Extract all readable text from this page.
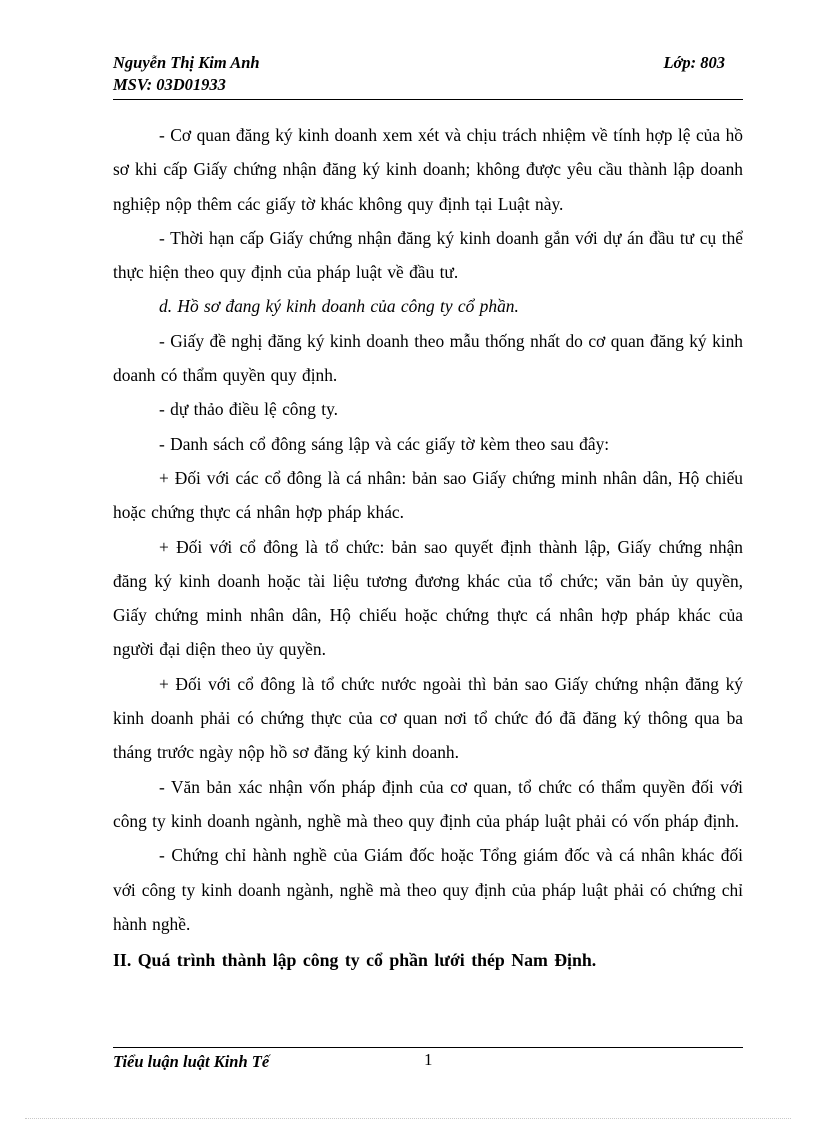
Nguyễn Thị Kim Anh	Lớp: 803
MSV: 03D01933

- Cơ quan đăng ký kinh doanh xem xét và chịu trách nhiệm về tính hợp lệ của hồ sơ khi cấp Giấy chứng nhận đăng ký kinh doanh; không được yêu cầu thành lập doanh nghiệp nộp thêm các giấy tờ khác không quy định tại Luật này.

- Thời hạn cấp Giấy chứng nhận đăng ký kinh doanh gắn với dự án đầu tư cụ thể thực hiện theo quy định của pháp luật về đầu tư.

d. Hồ sơ đang ký kinh doanh của công ty cổ phần.

- Giấy đề nghị đăng ký kinh doanh theo mẫu thống nhất do cơ quan đăng ký kinh doanh có thẩm quyền quy định.

- dự thảo điều lệ công ty.

- Danh sách cổ đông sáng lập và các giấy tờ kèm theo sau đây:

+ Đối với các cổ đông là cá nhân: bản sao Giấy chứng minh nhân dân, Hộ chiếu hoặc chứng thực cá nhân hợp pháp khác.

+ Đối với cổ đông là tổ chức: bản sao quyết định thành lập, Giấy chứng nhận đăng ký kinh doanh hoặc tài liệu tương đương khác của tổ chức; văn bản ủy quyền, Giấy chứng minh nhân dân, Hộ chiếu hoặc chứng thực cá nhân hợp pháp khác của người đại diện theo ủy quyền.

+ Đối với cổ đông là tổ chức nước ngoài thì bản sao Giấy chứng nhận đăng ký kinh doanh phải có chứng thực của cơ quan nơi tổ chức đó đã đăng ký thông qua ba tháng trước ngày nộp hồ sơ đăng ký kinh doanh.

- Văn bản xác nhận vốn pháp định của cơ quan, tổ chức có thẩm quyền đối với công ty kinh doanh ngành, nghề mà theo quy định của pháp luật phải có vốn pháp định.

- Chứng chỉ hành nghề của Giám đốc hoặc Tổng giám đốc và cá nhân khác đối với công ty kinh doanh ngành, nghề mà theo quy định của pháp luật phải có chứng chỉ hành nghề.

II. Quá trình thành lập công ty cổ phần lưới thép Nam Định.

Tiểu luận luật Kinh Tế	1
